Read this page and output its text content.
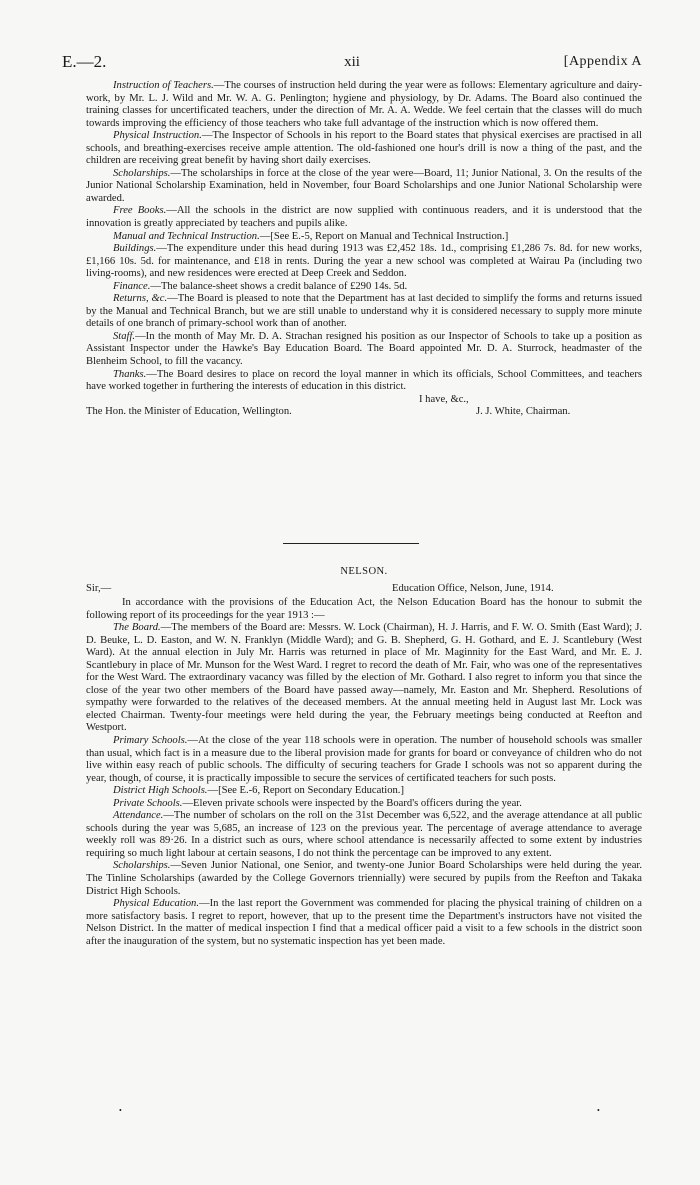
E.—2.	xii	[Appendix A

Instruction of Teachers.—The courses of instruction held during the year were as follows: Elementary agriculture and dairy-work, by Mr. L. J. Wild and Mr. W. A. G. Penlington; hygiene and physiology, by Dr. Adams. The Board also continued the training classes for uncertificated teachers, under the direction of Mr. A. A. Wedde. We feel certain that the classes will do much towards improving the efficiency of those teachers who take full advantage of the instruction which is now offered them.

Physical Instruction.—The Inspector of Schools in his report to the Board states that physical exercises are practised in all schools, and breathing-exercises receive ample attention. The old-fashioned one hour's drill is now a thing of the past, and the children are receiving great benefit by having short daily exercises.

Scholarships.—The scholarships in force at the close of the year were—Board, 11; Junior National, 3. On the results of the Junior National Scholarship Examination, held in November, four Board Scholarships and one Junior National Scholarship were awarded.

Free Books.—All the schools in the district are now supplied with continuous readers, and it is understood that the innovation is greatly appreciated by teachers and pupils alike.

Manual and Technical Instruction.—[See E.-5, Report on Manual and Technical Instruction.]

Buildings.—The expenditure under this head during 1913 was £2,452 18s. 1d., comprising £1,286 7s. 8d. for new works, £1,166 10s. 5d. for maintenance, and £18 in rents. During the year a new school was completed at Wairau Pa (including two living-rooms), and new residences were erected at Deep Creek and Seddon.

Finance.—The balance-sheet shows a credit balance of £290 14s. 5d.

Returns, &c.—The Board is pleased to note that the Department has at last decided to simplify the forms and returns issued by the Manual and Technical Branch, but we are still unable to understand why it is considered necessary to supply more minute details of one branch of primary-school work than of another.

Staff.—In the month of May Mr. D. A. Strachan resigned his position as our Inspector of Schools to take up a position as Assistant Inspector under the Hawke's Bay Education Board. The Board appointed Mr. D. A. Sturrock, headmaster of the Blenheim School, to fill the vacancy.

Thanks.—The Board desires to place on record the loyal manner in which its officials, School Committees, and teachers have worked together in furthering the interests of education in this district.

I have, &c.,
The Hon. the Minister of Education, Wellington.	J. J. White, Chairman.
NELSON.
Sir,—	Education Office, Nelson, June, 1914.

In accordance with the provisions of the Education Act, the Nelson Education Board has the honour to submit the following report of its proceedings for the year 1913 :—

The Board.—The members of the Board are: Messrs. W. Lock (Chairman), H. J. Harris, and F. W. O. Smith (East Ward); J. D. Beuke, L. D. Easton, and W. N. Franklyn (Middle Ward); and G. B. Shepherd, G. H. Gothard, and E. J. Scantlebury (West Ward). At the annual election in July Mr. Harris was returned in place of Mr. Maginnity for the East Ward, and Mr. E. J. Scantlebury in place of Mr. Munson for the West Ward. I regret to record the death of Mr. Fair, who was one of the representatives for the West Ward. The extraordinary vacancy was filled by the election of Mr. Gothard. I also regret to inform you that since the close of the year two other members of the Board have passed away—namely, Mr. Easton and Mr. Shepherd. Resolutions of sympathy were forwarded to the relatives of the deceased members. At the annual meeting held in August last Mr. Lock was elected Chairman. Twenty-four meetings were held during the year, the February meetings being conducted at Reefton and Westport.

Primary Schools.—At the close of the year 118 schools were in operation. The number of household schools was smaller than usual, which fact is in a measure due to the liberal provision made for grants for board or conveyance of children who do not live within easy reach of public schools. The difficulty of securing teachers for Grade I schools was not so apparent during the year, though, of course, it is practically impossible to secure the services of certificated teachers for such posts.

District High Schools.—[See E.-6, Report on Secondary Education.]

Private Schools.—Eleven private schools were inspected by the Board's officers during the year.

Attendance.—The number of scholars on the roll on the 31st December was 6,522, and the average attendance at all public schools during the year was 5,685, an increase of 123 on the previous year. The percentage of average attendance to average weekly roll was 89·26. In a district such as ours, where school attendance is necessarily affected to some extent by industries requiring so much light labour at certain seasons, I do not think the percentage can be improved to any extent.

Scholarships.—Seven Junior National, one Senior, and twenty-one Junior Board Scholarships were held during the year. The Tinline Scholarships (awarded by the College Governors triennially) were secured by pupils from the Reefton and Takaka District High Schools.

Physical Education.—In the last report the Government was commended for placing the physical training of children on a more satisfactory basis. I regret to report, however, that up to the present time the Department's instructors have not visited the Nelson District. In the matter of medical inspection I find that a medical officer paid a visit to a few schools in the district soon after the inauguration of the system, but no systematic inspection has yet been made.

•	•
